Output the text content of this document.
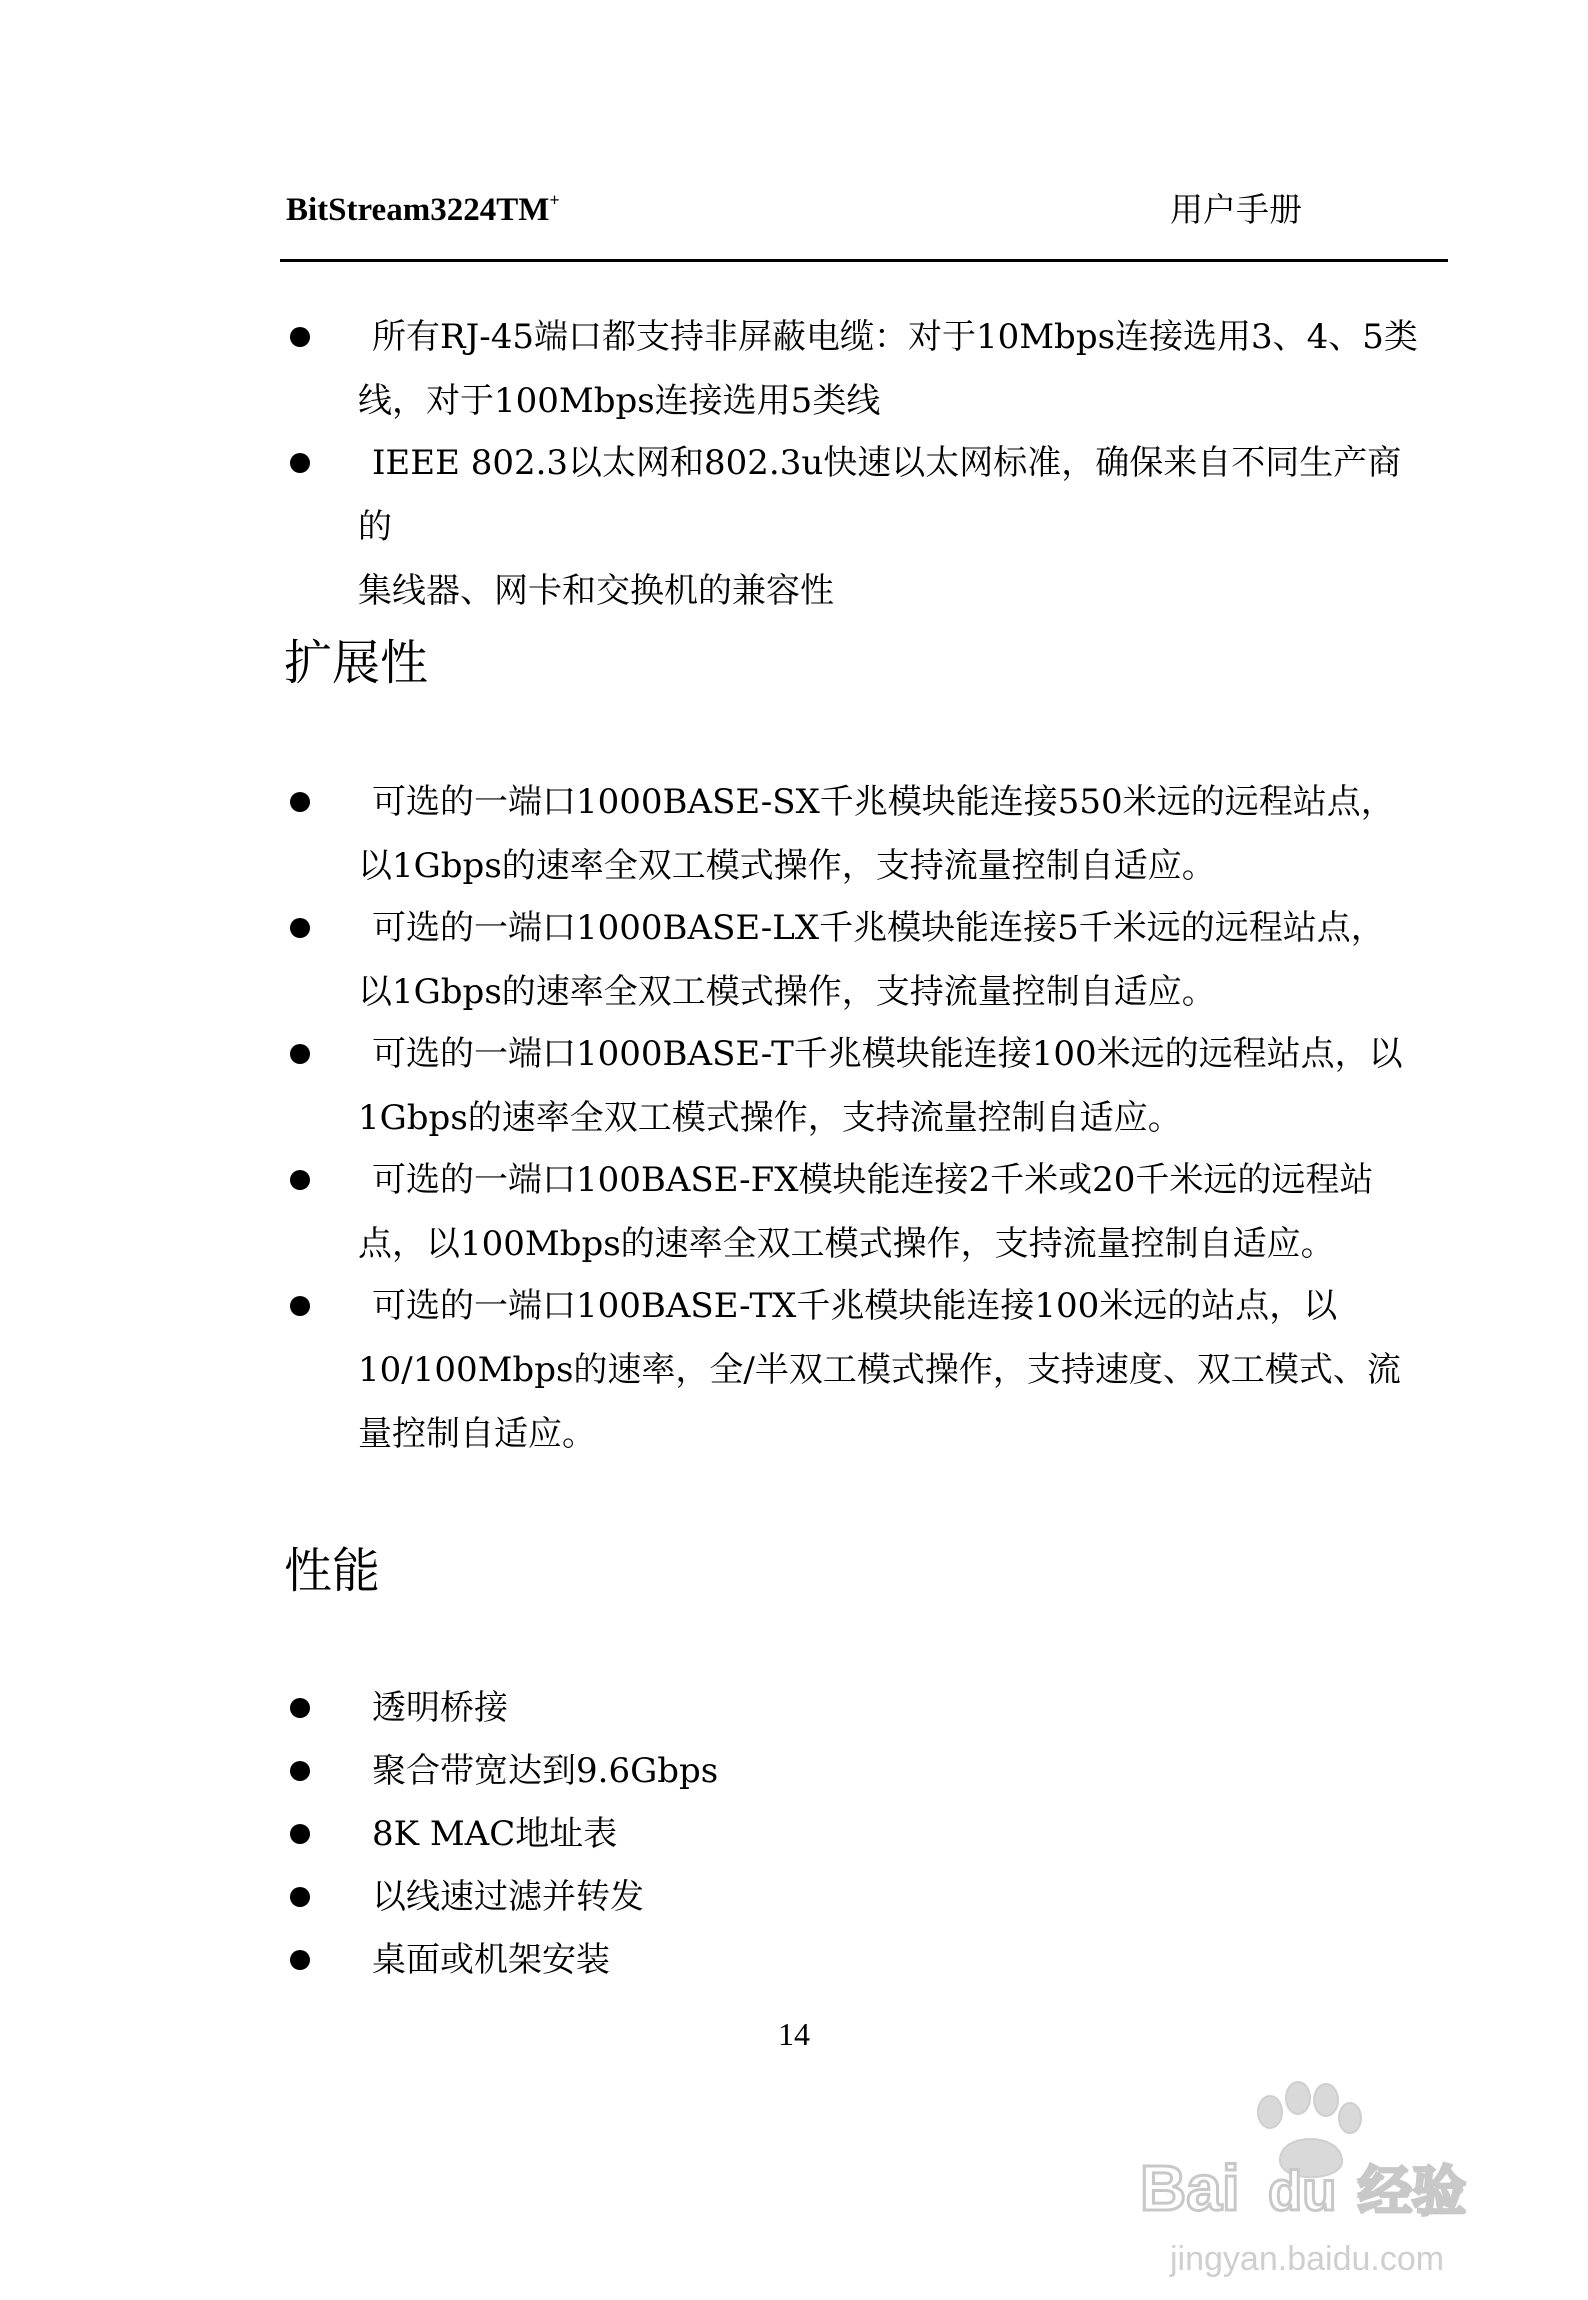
BitStream3224TM+	用户手册
所有RJ-45端口都支持非屏蔽电缆：对于10Mbps连接选用3、4、5类
线，对于100Mbps连接选用5类线
IEEE 802.3以太网和802.3u快速以太网标准，确保来自不同生产商的
集线器、网卡和交换机的兼容性
扩展性
可选的一端口1000BASE-SX千兆模块能连接550米远的远程站点，
以1Gbps的速率全双工模式操作，支持流量控制自适应。
可选的一端口1000BASE-LX千兆模块能连接5千米远的远程站点，
以1Gbps的速率全双工模式操作，支持流量控制自适应。
可选的一端口1000BASE-T千兆模块能连接100米远的远程站点，以
1Gbps的速率全双工模式操作，支持流量控制自适应。
可选的一端口100BASE-FX模块能连接2千米或20千米远的远程站
点，以100Mbps的速率全双工模式操作，支持流量控制自适应。
可选的一端口100BASE-TX千兆模块能连接100米远的站点，以
10/100Mbps的速率，全/半双工模式操作，支持速度、双工模式、流
量控制自适应。
性能
透明桥接
聚合带宽达到9.6Gbps
8K MAC地址表
以线速过滤并转发
桌面或机架安装
14
Bai du 经验
jingyan.baidu.com
